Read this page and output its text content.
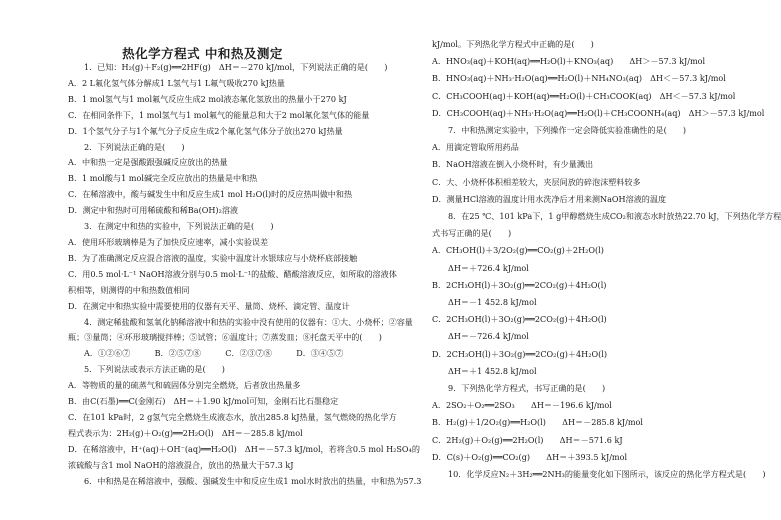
热化学方程式 中和热及测定
1．已知：H₂(g)＋F₂(g)══2HF(g)　ΔH＝－270 kJ/mol，下列说法正确的是(　　)
A．2 L氟化氢气体分解成1 L氢气与1 L氟气吸收270 kJ热量
B．1 mol氢气与1 mol氟气反应生成2 mol液态氟化氢放出的热量小于270 kJ
C．在相同条件下，1 mol氢气与1 mol氟气的能量总和大于2 mol氟化氢气体的能量
D．1个氢气分子与1个氟气分子反应生成2个氟化氢气体分子放出270 kJ热量
2．下列说法正确的是(　　)
A．中和热一定是强酸跟强碱反应放出的热量
B．1 mol酸与1 mol碱完全反应放出的热量是中和热
C．在稀溶液中，酸与碱发生中和反应生成1 mol H₂O(l)时的反应热叫做中和热
D．测定中和热时可用稀硫酸和稀Ba(OH)₂溶液
3．在测定中和热的实验中，下列说法正确的是(　　)
A．使用环形玻璃棒是为了加快反应速率，减小实验误差
B．为了准确测定反应混合溶液的温度，实验中温度计水银球应与小烧杯底部接触
C．用0.5 mol·L⁻¹ NaOH溶液分别与0.5 mol·L⁻¹的盐酸、醋酸溶液反应，如所取的溶液体
积相等，则测得的中和热数值相同
D．在测定中和热实验中需要使用的仪器有天平、量筒、烧杯、滴定管、温度计
4．测定稀盐酸和氢氧化钠稀溶液中和热的实验中没有使用的仪器有：①大、小烧杯；②容量
瓶；③量筒；④环形玻璃搅拌棒；⑤试管；⑥温度计；⑦蒸发皿；⑧托盘天平中的(　　)
A．①②⑥⑦　　　B．②⑤⑦⑧　　　C．②③⑦⑧　　　D．③④⑤⑦
5．下列说法或表示方法正确的是(　　)
A．等物质的量的硫蒸气和硫固体分别完全燃烧，后者放出热量多
B．由C(石墨)══C(金刚石)　ΔH＝＋1.90 kJ/mol可知，金刚石比石墨稳定
C．在101 kPa时，2 g氢气完全燃烧生成液态水，放出285.8 kJ热量，氢气燃烧的热化学方
程式表示为：2H₂(g)＋O₂(g)══2H₂O(l)　ΔH＝－285.8 kJ/mol
D．在稀溶液中，H⁺(aq)＋OH⁻(aq)══H₂O(l)　ΔH＝－57.3 kJ/mol，若将含0.5 mol H₂SO₄的
浓硫酸与含1 mol NaOH的溶液混合，放出的热量大于57.3 kJ
6．中和热是在稀溶液中，强酸、强碱发生中和反应生成1 mol水时放出的热量，中和热为57.3
kJ/mol。下列热化学方程式中正确的是(　　)
A．HNO₃(aq)＋KOH(aq)══H₂O(l)＋KNO₃(aq)　　ΔH＞－57.3 kJ/mol
B．HNO₃(aq)＋NH₃·H₂O(aq)══H₂O(l)＋NH₄NO₃(aq)　ΔH＜－57.3 kJ/mol
C．CH₃COOH(aq)＋KOH(aq)══H₂O(l)＋CH₃COOK(aq)　ΔH＜－57.3 kJ/mol
D．CH₃COOH(aq)＋NH₃·H₂O(aq)══H₂O(l)＋CH₃COONH₄(aq)　ΔH＞－57.3 kJ/mol
7．中和热测定实验中，下列操作一定会降低实验准确性的是(　　)
A．用滴定管取所用药品
B．NaOH溶液在倒入小烧杯时，有少量溅出
C．大、小烧杯体积相差较大，夹层间放的碎泡沫塑料较多
D．测量HCl溶液的温度计用水洗净后才用来测NaOH溶液的温度
8．在25 ℃、101 kPa下，1 g甲醇燃烧生成CO₂和液态水时放热22.70 kJ，下列热化学方程
式书写正确的是(　　)
A．CH₃OH(l)＋3/2O₂(g)══CO₂(g)＋2H₂O(l)
ΔH＝＋726.4 kJ/mol
B．2CH₃OH(l)＋3O₂(g)══2CO₂(g)＋4H₂O(l)
ΔH＝－1 452.8 kJ/mol
C．2CH₃OH(l)＋3O₂(g)══2CO₂(g)＋4H₂O(l)
ΔH＝－726.4 kJ/mol
D．2CH₃OH(l)＋3O₂(g)══2CO₂(g)＋4H₂O(l)
ΔH＝＋1 452.8 kJ/mol
9．下列热化学方程式，书写正确的是(　　)
A．2SO₂＋O₂══2SO₃　　ΔH＝－196.6 kJ/mol
B．H₂(g)＋1/2O₂(g)══H₂O(l)　　ΔH＝－285.8 kJ/mol
C．2H₂(g)＋O₂(g)══2H₂O(l)　　ΔH＝－571.6 kJ
D．C(s)＋O₂(g)══CO₂(g)　　ΔH＝＋393.5 kJ/mol
10．化学反应N₂＋3H₂══2NH₃的能量变化如下图所示，该反应的热化学方程式是(　　)
